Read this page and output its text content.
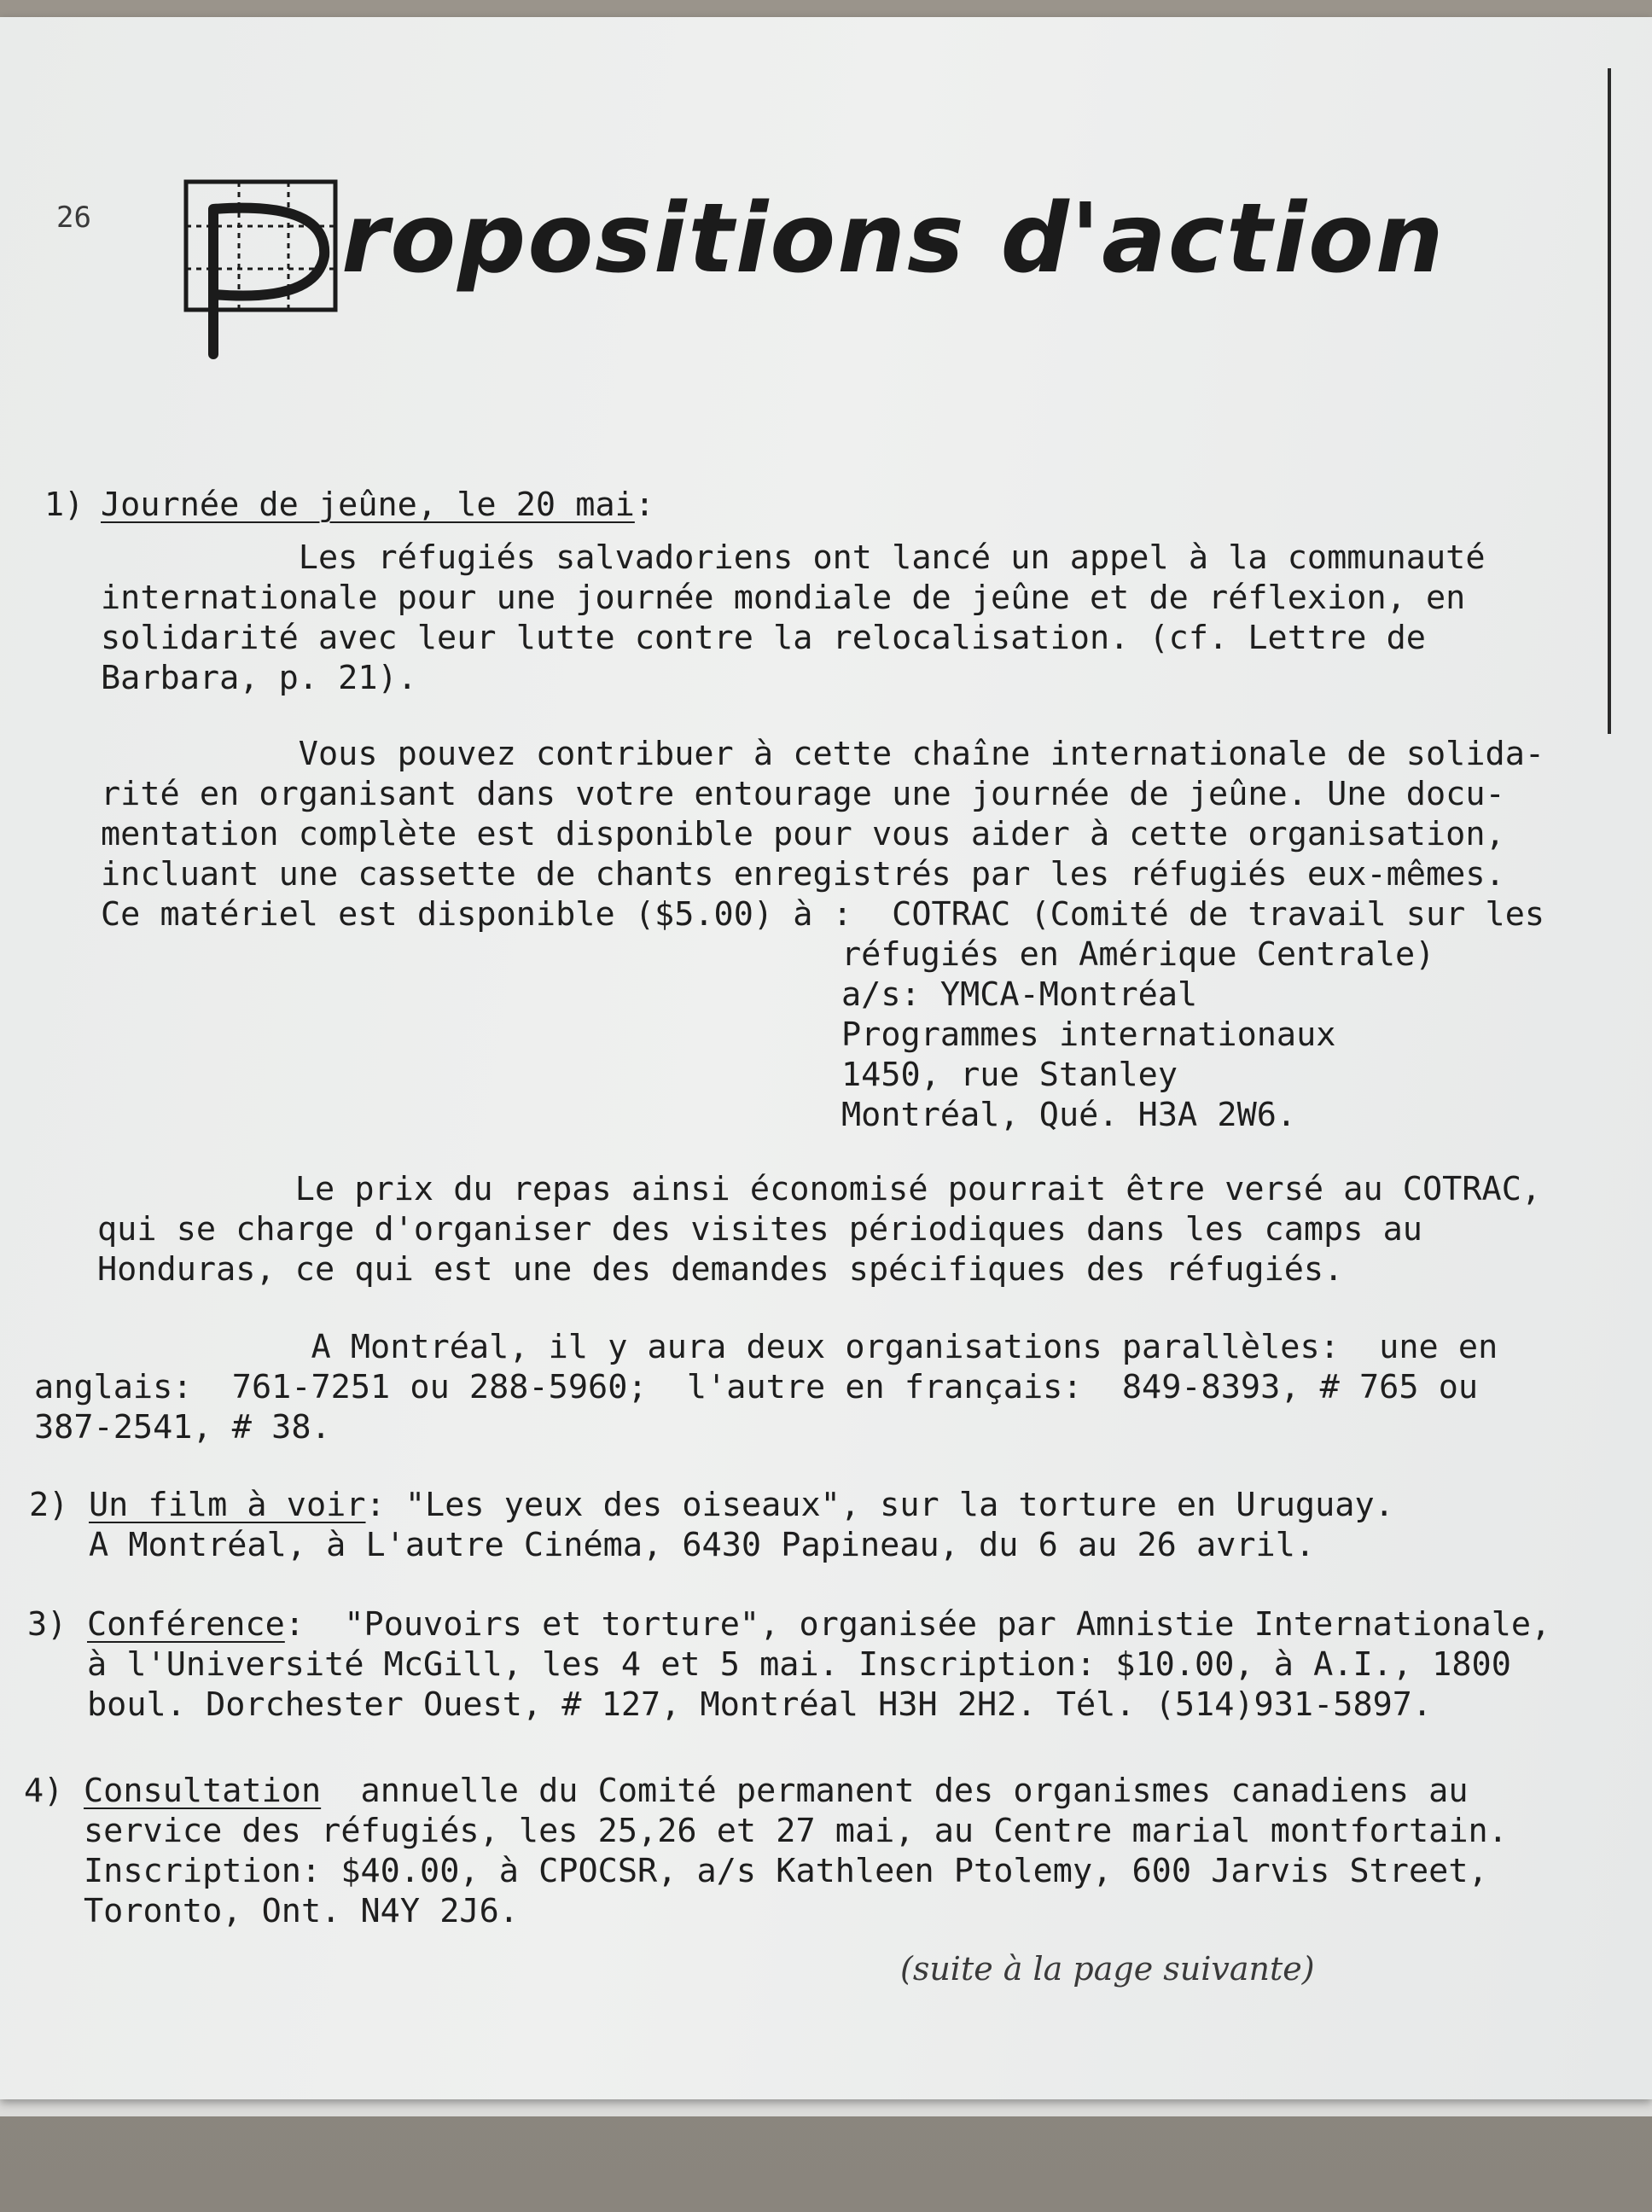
26	ropositions d'action

1)

Journée de jeûne, le 20 mai:

Les réfugiés salvadoriens ont lancé un appel à la communauté

internationale pour une journée mondiale de jeûne et de réflexion, en

solidarité avec leur lutte contre la relocalisation. (cf. Lettre de

Barbara, p. 21).

Vous pouvez contribuer à cette chaîne internationale de solida-

rité en organisant dans votre entourage une journée de jeûne. Une docu-

mentation complète est disponible pour vous aider à cette organisation,

incluant une cassette de chants enregistrés par les réfugiés eux-mêmes.

Ce matériel est disponible ($5.00) à :  COTRAC (Comité de travail sur les

réfugiés en Amérique Centrale)

a/s: YMCA-Montréal

Programmes internationaux

1450, rue Stanley

Montréal, Qué. H3A 2W6.

Le prix du repas ainsi économisé pourrait être versé au COTRAC,

qui se charge d'organiser des visites périodiques dans les camps au

Honduras, ce qui est une des demandes spécifiques des réfugiés.

A Montréal, il y aura deux organisations parallèles:  une en

anglais:  761-7251 ou 288-5960;  l'autre en français:  849-8393, # 765 ou

387-2541, # 38.

2)

Un film à voir: "Les yeux des oiseaux", sur la torture en Uruguay.

A Montréal, à L'autre Cinéma, 6430 Papineau, du 6 au 26 avril.

3)

Conférence:  "Pouvoirs et torture", organisée par Amnistie Internationale,

à l'Université McGill, les 4 et 5 mai. Inscription: $10.00, à A.I., 1800

boul. Dorchester Ouest, # 127, Montréal H3H 2H2. Tél. (514)931-5897.

4)

Consultation  annuelle du Comité permanent des organismes canadiens au

service des réfugiés, les 25,26 et 27 mai, au Centre marial montfortain.

Inscription: $40.00, à CPOCSR, a/s Kathleen Ptolemy, 600 Jarvis Street,

Toronto, Ont. N4Y 2J6.

(suite à la page suivante)
